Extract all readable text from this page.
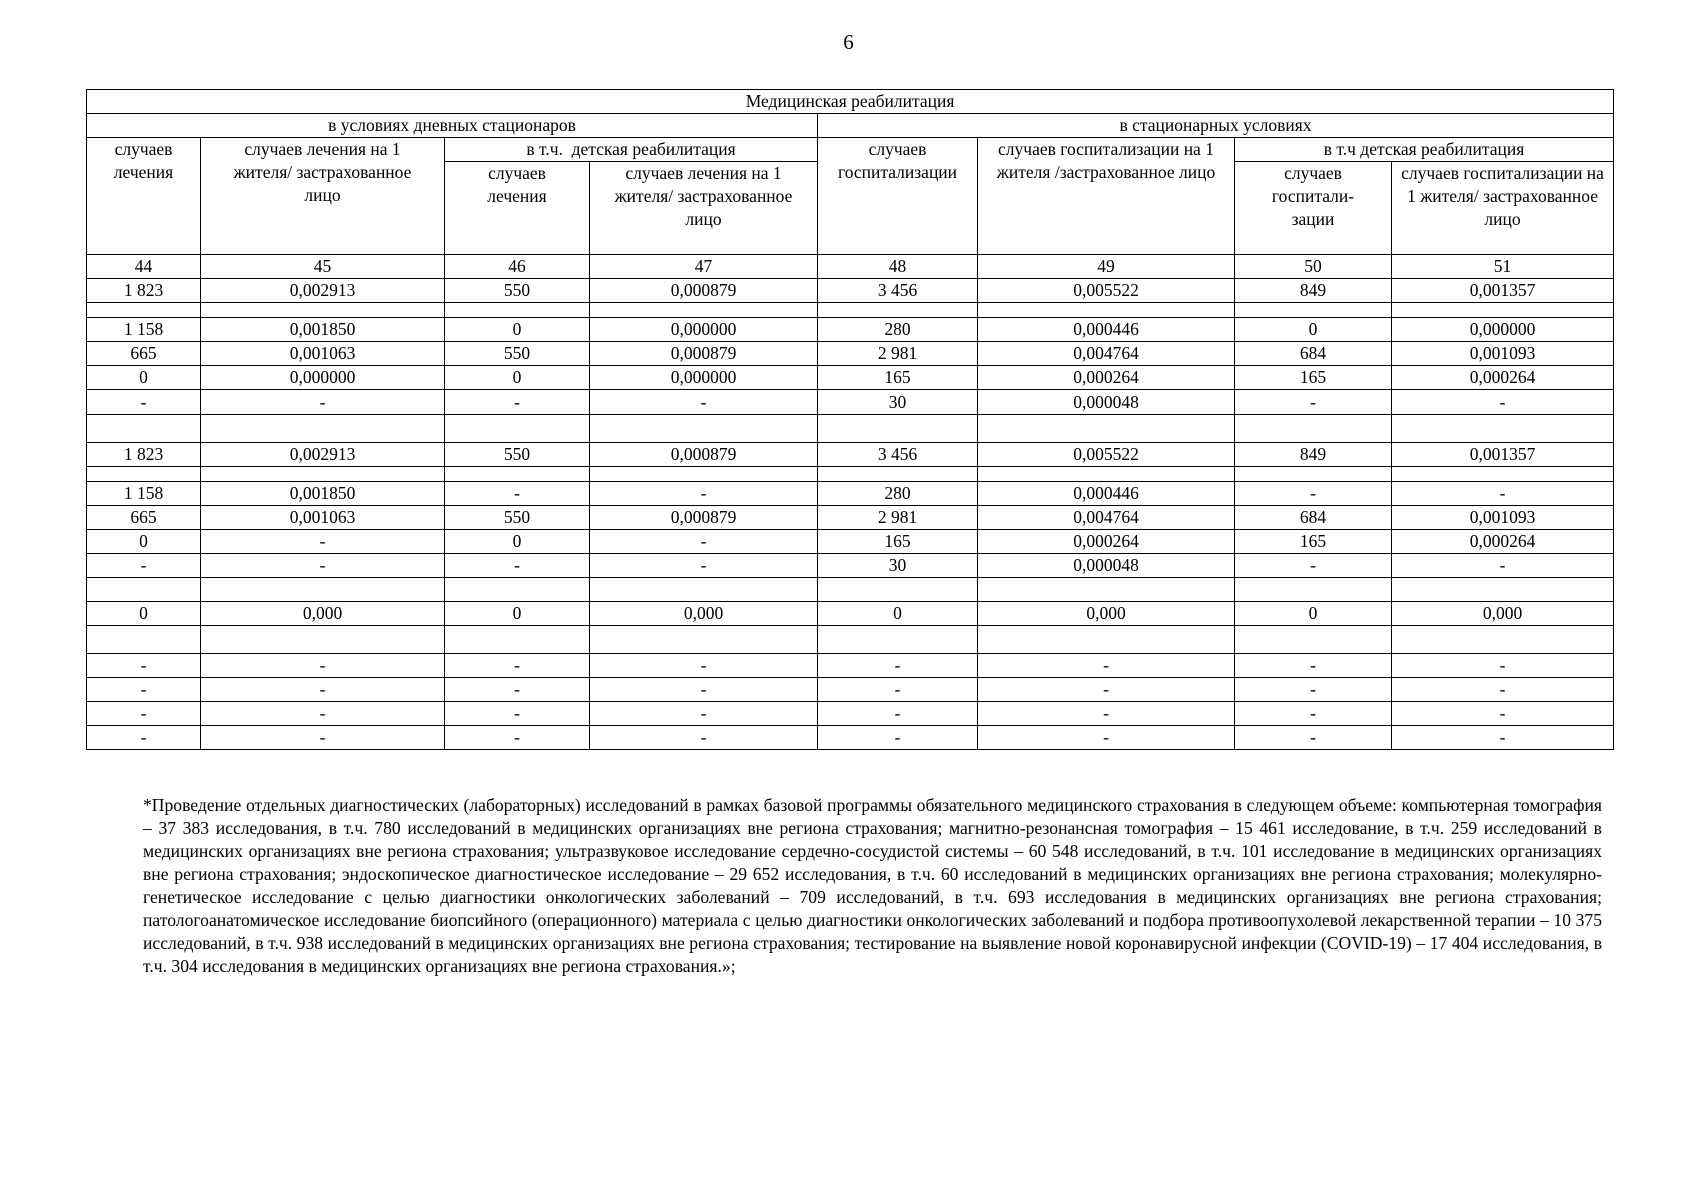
6
Медицинская реабилитация							
в условиях дневных стационаров				в стационарных условиях			
случаев лечения	случаев лечения на 1 жителя/ застрахованное лицо	в т.ч.  детская реабилитация		случаев госпитализации	случаев госпитализации на 1 жителя /застрахованное лицо	в т.ч детская реабилитация	
		случаев лечения	случаев лечения на 1 жителя/ застрахованное лицо			случаев госпитали-зации	случаев госпитализации на 1 жителя/ застрахованное лицо
44	45	46	47	48	49	50	51
1 823	0,002913	550	0,000879	3 456	0,005522	849	0,001357

1 158	0,001850	0	0,000000	280	0,000446	0	0,000000
665	0,001063	550	0,000879	2 981	0,004764	684	0,001093
0	0,000000	0	0,000000	165	0,000264	165	0,000264
-	-	-	-	30	0,000048	-	-

1 823	0,002913	550	0,000879	3 456	0,005522	849	0,001357

1 158	0,001850	-	-	280	0,000446	-	-
665	0,001063	550	0,000879	2 981	0,004764	684	0,001093
0	-	0	-	165	0,000264	165	0,000264
-	-	-	-	30	0,000048	-	-

0	0,000	0	0,000	0	0,000	0	0,000

-	-	-	-	-	-	-	-
-	-	-	-	-	-	-	-
-	-	-	-	-	-	-	-
-	-	-	-	-	-	-	-
*Проведение отдельных диагностических (лабораторных) исследований в рамках базовой программы обязательного медицинского страхования в следующем объеме: компьютерная томография – 37 383 исследования, в т.ч. 780 исследований в медицинских организациях вне региона страхования; магнитно-резонансная томография – 15 461 исследование, в т.ч. 259 исследований в медицинских организациях вне региона страхования; ультразвуковое исследование сердечно-сосудистой системы – 60 548 исследований, в т.ч. 101 исследование в медицинских организациях вне региона страхования; эндоскопическое диагностическое исследование – 29 652 исследования, в т.ч. 60 исследований в медицинских организациях вне региона страхования; молекулярно-генетическое исследование с целью диагностики онкологических заболеваний – 709 исследований, в т.ч. 693 исследования в медицинских организациях вне региона страхования; патологоанатомическое исследование биопсийного (операционного) материала с целью диагностики онкологических заболеваний и подбора противоопухолевой лекарственной терапии – 10 375 исследований, в т.ч. 938 исследований в медицинских организациях вне региона страхования; тестирование на выявление новой коронавирусной инфекции (COVID-19) – 17 404 исследования, в т.ч. 304 исследования в медицинских организациях вне региона страхования.»;
